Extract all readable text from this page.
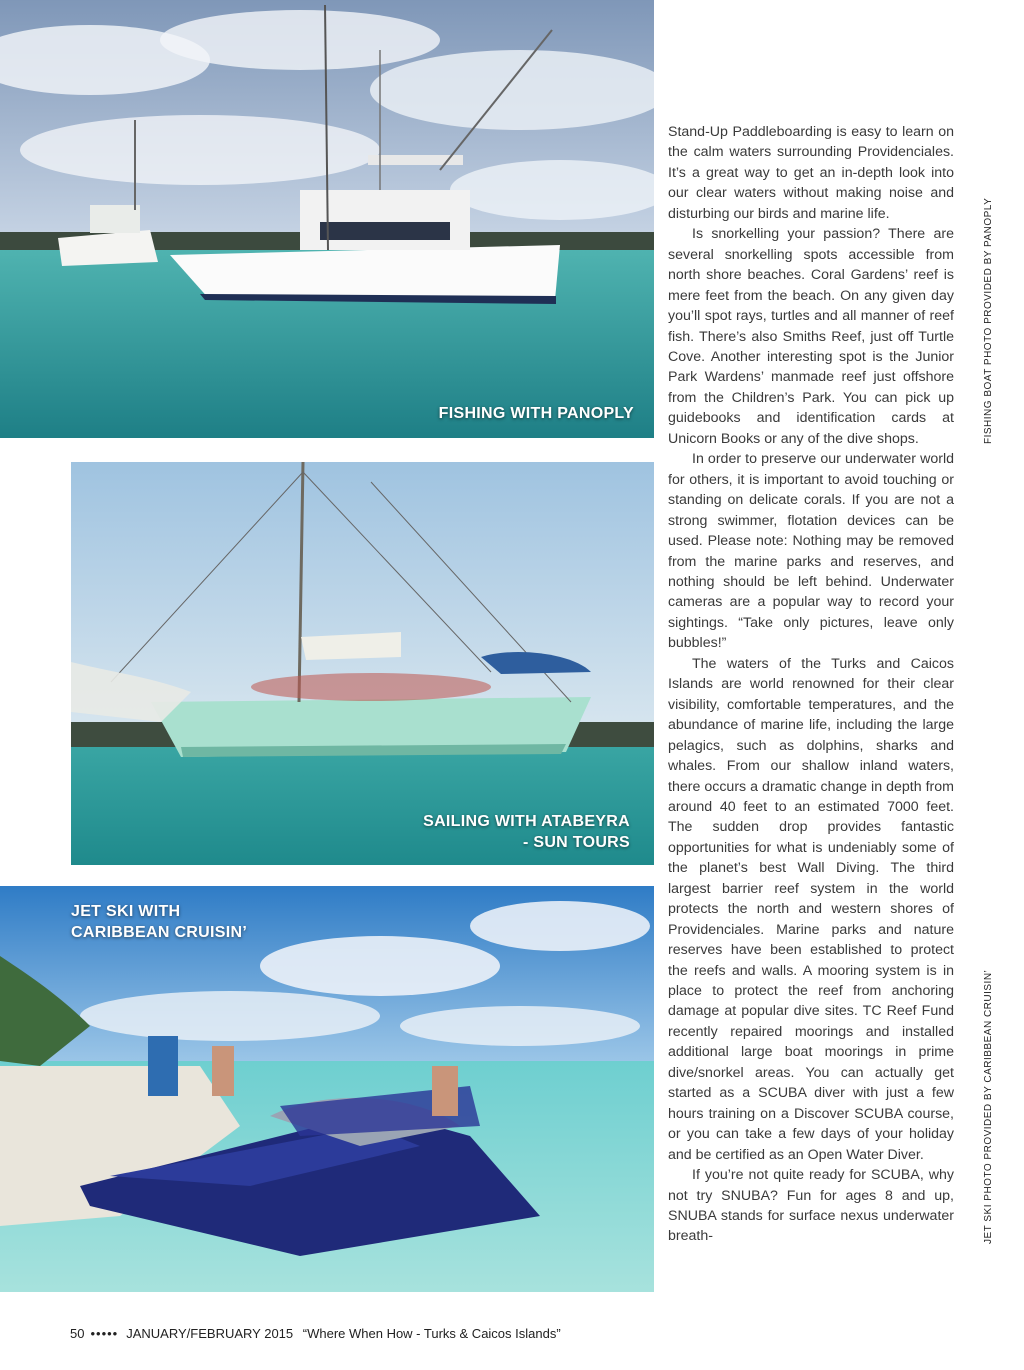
FISHING WITH PANOPLY
SAILING WITH ATABEYRA
- SUN TOURS
JET SKI WITH
CARIBBEAN CRUISIN’

Stand-Up Paddleboarding is easy to learn on the calm waters surrounding Providenciales. It’s a great way to get an in-depth look into our clear waters without making noise and disturbing our birds and marine life.

Is snorkelling your passion? There are several snorkelling spots accessible from north shore beaches. Coral Gardens’ reef is mere feet from the beach. On any given day you’ll spot rays, turtles and all manner of reef fish. There’s also Smiths Reef, just off Turtle Cove. Another interesting spot is the Junior Park Wardens’ manmade reef just offshore from the Children’s Park. You can pick up guidebooks and identification cards at Unicorn Books or any of the dive shops.

In order to preserve our underwater world for others, it is important to avoid touching or standing on delicate corals. If you are not a strong swimmer, flotation devices can be used. Please note: Nothing may be removed from the marine parks and reserves, and nothing should be left behind. Underwater cameras are a popular way to record your sightings. “Take only pictures, leave only bubbles!”

The waters of the Turks and Caicos Islands are world renowned for their clear visibility, comfortable temperatures, and the abundance of marine life, including the large pelagics, such as dolphins, sharks and whales. From our shallow inland waters, there occurs a dramatic change in depth from around 40 feet to an estimated 7000 feet. The sudden drop provides fantastic opportunities for what is undeniably some of the planet’s best Wall Diving. The third largest barrier reef system in the world protects the north and western shores of Providenciales. Marine parks and nature reserves have been established to protect the reefs and walls. A mooring system is in place to protect the reef from anchoring damage at popular dive sites. TC Reef Fund recently repaired moorings and installed additional large boat moorings in prime dive/snorkel areas. You can actually get started as a SCUBA diver with just a few hours training on a Discover SCUBA course, or you can take a few days of your holiday and be certified as an Open Water Diver.

If you’re not quite ready for SCUBA, why not try SNUBA? Fun for ages 8 and up, SNUBA stands for surface nexus underwater breath-

FISHING BOAT PHOTO PROVIDED BY PANOPLY
JET SKI PHOTO PROVIDED BY CARIBBEAN CRUISIN’
50 ••••• JANUARY/FEBRUARY 2015 “Where When How - Turks & Caicos Islands”
